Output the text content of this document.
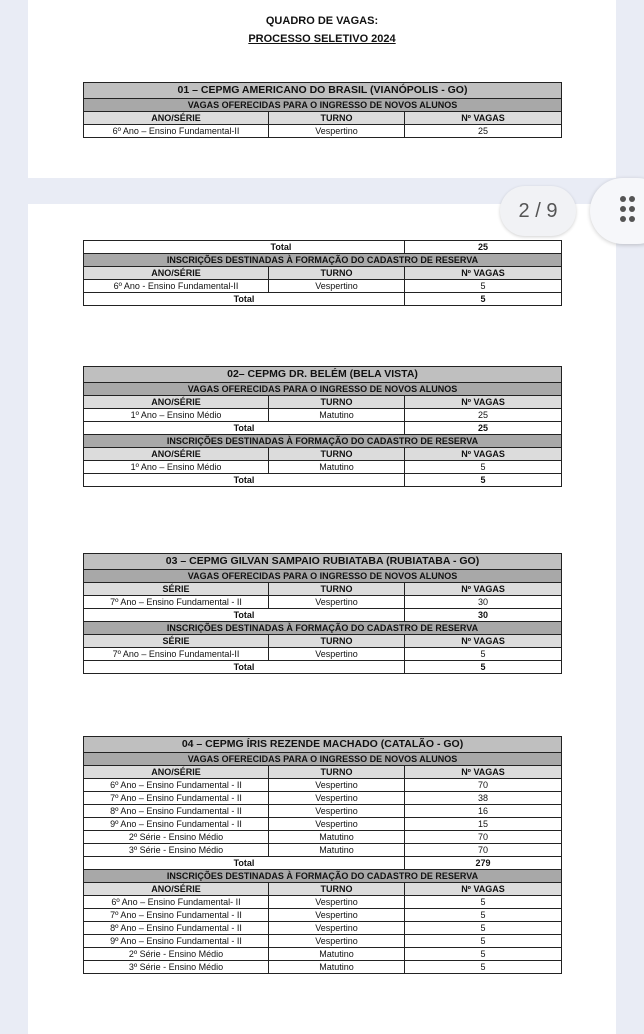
QUADRO DE VAGAS:
PROCESSO SELETIVO 2024
01 – CEPMG AMERICANO DO BRASIL (VIANÓPOLIS - GO)		
VAGAS OFERECIDAS PARA O INGRESSO DE NOVOS ALUNOS		
ANO/SÉRIE	TURNO	Nº VAGAS
6º Ano – Ensino Fundamental-II	Vespertino	25
	Total	25
INSCRIÇÕES DESTINADAS À FORMAÇÃO DO CADASTRO DE RESERVA		
ANO/SÉRIE	TURNO	Nº VAGAS
6º Ano - Ensino Fundamental-II	Vespertino	5
Total		5
02– CEPMG DR. BELÉM (BELA VISTA)		
VAGAS OFERECIDAS PARA O INGRESSO DE NOVOS ALUNOS		
ANO/SÉRIE	TURNO	Nº VAGAS
1º Ano – Ensino Médio	Matutino	25
Total		25
INSCRIÇÕES DESTINADAS À FORMAÇÃO DO CADASTRO DE RESERVA		
ANO/SÉRIE	TURNO	Nº VAGAS
1º Ano – Ensino Médio	Matutino	5
Total		5
03 – CEPMG GILVAN SAMPAIO RUBIATABA (RUBIATABA - GO)		
VAGAS OFERECIDAS PARA O INGRESSO DE NOVOS ALUNOS		
SÉRIE	TURNO	Nº VAGAS
7º Ano – Ensino Fundamental - II	Vespertino	30
Total		30
INSCRIÇÕES DESTINADAS À FORMAÇÃO DO CADASTRO DE RESERVA		
SÉRIE	TURNO	Nº VAGAS
7º Ano – Ensino Fundamental-II	Vespertino	5
Total		5
04 – CEPMG ÍRIS REZENDE MACHADO (CATALÃO - GO)		
VAGAS OFERECIDAS PARA O INGRESSO DE NOVOS ALUNOS		
ANO/SÉRIE	TURNO	Nº VAGAS
6º Ano – Ensino Fundamental - II	Vespertino	70
7º Ano – Ensino Fundamental - II	Vespertino	38
8º Ano – Ensino Fundamental - II	Vespertino	16
9º Ano – Ensino Fundamental - II	Vespertino	15
2º Série - Ensino Médio	Matutino	70
3º Série - Ensino Médio	Matutino	70
Total		279
INSCRIÇÕES DESTINADAS À FORMAÇÃO DO CADASTRO DE RESERVA		
ANO/SÉRIE	TURNO	Nº VAGAS
6º Ano – Ensino Fundamental- II	Vespertino	5
7º Ano – Ensino Fundamental - II	Vespertino	5
8º Ano – Ensino Fundamental - II	Vespertino	5
9º Ano – Ensino Fundamental - II	Vespertino	5
2º Série - Ensino Médio	Matutino	5
3º Série - Ensino Médio	Matutino	5
2 / 9
